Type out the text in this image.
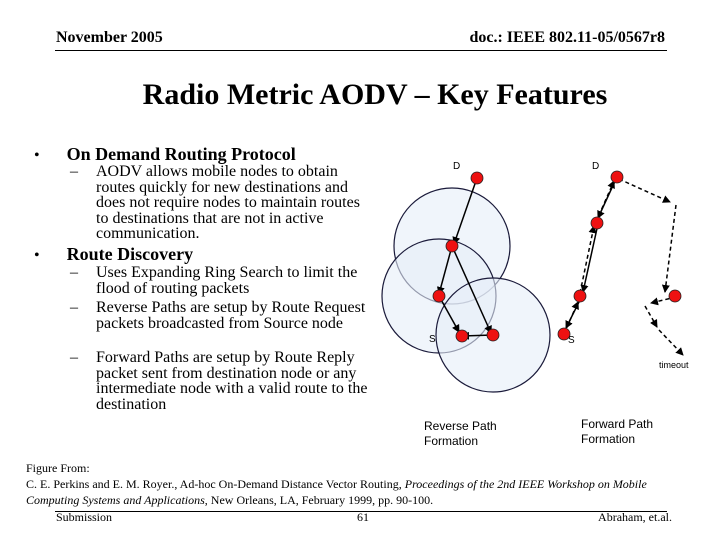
November 2005	doc.: IEEE 802.11-05/0567r8
Radio Metric AODV – Key Features
• On Demand Routing Protocol
– AODV allows mobile nodes to obtain routes quickly for new destinations and does not require nodes to maintain routes to destinations that are not in active communication.
• Route Discovery
– Uses Expanding Ring Search to limit the flood of routing packets
– Reverse Paths are setup by Route Request packets broadcasted from Source node
– Forward Paths are setup by Route Reply packet sent from destination node or any intermediate node with a valid route to the destination
D
S
D
S
timeout
Reverse Path
Formation
Forward Path
Formation
Figure From:
C. E. Perkins and E. M. Royer., Ad-hoc On-Demand Distance Vector Routing, Proceedings of the 2nd IEEE Workshop on Mobile
Computing Systems and Applications, New Orleans, LA, February 1999, pp. 90-100.
Submission	61	Abraham, et.al.
